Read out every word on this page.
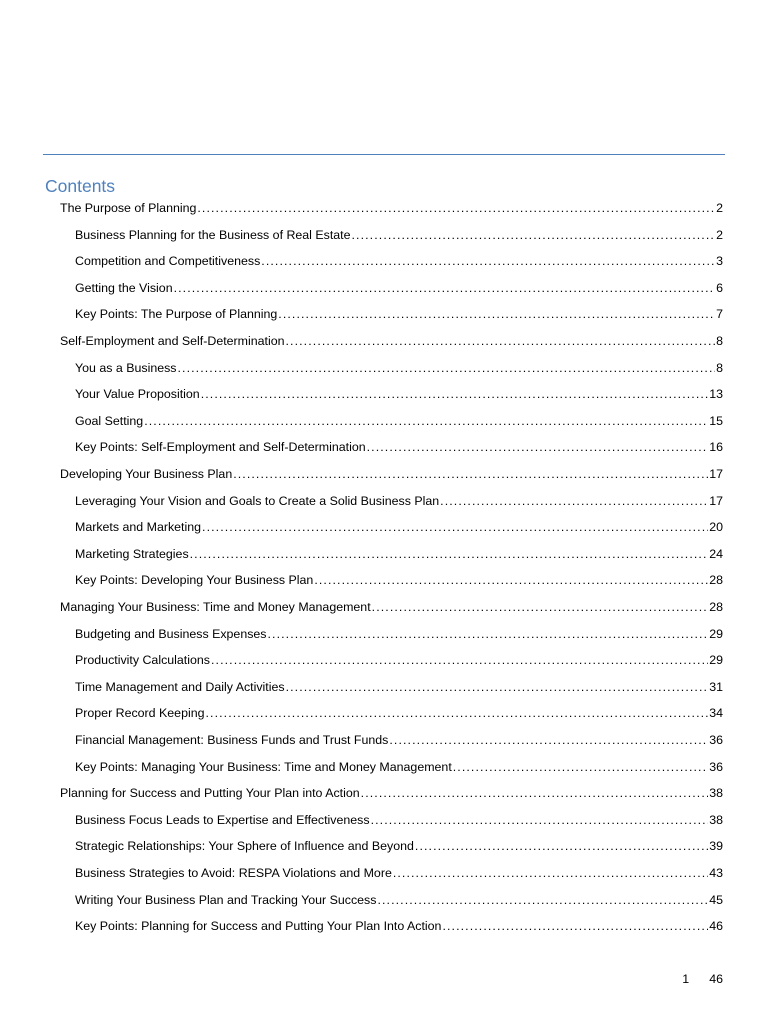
Contents
The Purpose of Planning .....	2
Business Planning for the Business of Real Estate .....	2
Competition and Competitiveness .....	3
Getting the Vision .....	6
Key Points: The Purpose of Planning .....	7
Self-Employment and Self-Determination .....	8
You as a Business .....	8
Your Value Proposition .....	13
Goal Setting .....	15
Key Points: Self-Employment and Self-Determination .....	16
Developing Your Business Plan .....	17
Leveraging Your Vision and Goals to Create a Solid Business Plan .....	17
Markets and Marketing .....	20
Marketing Strategies .....	24
Key Points: Developing Your Business Plan .....	28
Managing Your Business: Time and Money Management .....	28
Budgeting and Business Expenses .....	29
Productivity Calculations .....	29
Time Management and Daily Activities .....	31
Proper Record Keeping .....	34
Financial Management: Business Funds and Trust Funds .....	36
Key Points: Managing Your Business: Time and Money Management .....	36
Planning for Success and Putting Your Plan into Action .....	38
Business Focus Leads to Expertise and Effectiveness .....	38
Strategic Relationships: Your Sphere of Influence and Beyond .....	39
Business Strategies to Avoid: RESPA Violations and More .....	43
Writing Your Business Plan and Tracking Your Success .....	45
Key Points: Planning for Success and Putting Your Plan Into Action .....	46
1 46
